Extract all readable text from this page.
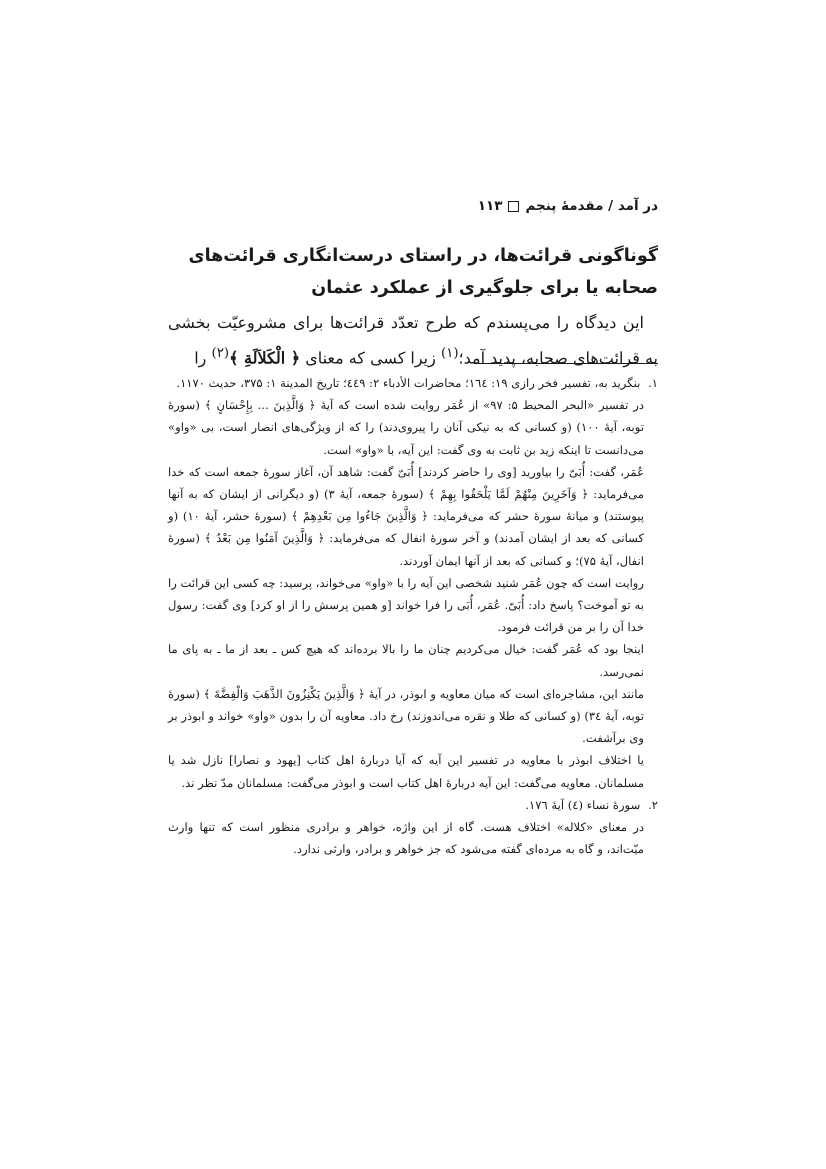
در آمد / مقدمهٔ پنجم
۱۱۳
گوناگونی قرائت‌ها، در راستای درست‌انگاری قرائت‌های صحابه یا برای جلوگیری از عملکرد عثمان

این دیدگاه را می‌پسندم که طرح تعدّد قرائت‌ها برای مشروعیّت بخشی به قرائت‌های صحابه، پدید آمد؛$^{(۱)}$ زیرا کسی که معنای ﴿ الْكَلاَلَةِ ﴾$^{(۲)}$ را

۱. بنگرید به، تفسیر فخر رازی ۱۹: ۱٦٤؛ محاضرات الأدباء ۲: ٤٤۹؛ تاریخ المدینة ۱: ۳۷۵، حدیث ۱۱۷۰.

در تفسیر «البحر المحیط ۵: ۹۷» از عُمَر روایت شده است که آیهٔ ﴿ وَالَّذِينَ ... بِإِحْسَانٍ ﴾ (سورهٔ توبه، آیهٔ ۱۰۰) (و کسانی که به نیکی آنان را پیروی‌دند) را که از ویژگی‌های انصار است، بی «واو» می‌دانست تا اینکه زید بن ثابت به وی گفت: این آیه، با «واو» است.

عُمَر، گفت: أُبَیّ را بیاورید [وی را حاضر کردند] أُبَیّ گفت: شاهد آن، آغاز سورهٔ جمعه است که خدا می‌فرماید: ﴿ وَآخَرِينَ مِنْهُمْ لَمَّا يَلْحَقُوا بِهِمْ ﴾ (سورهٔ جمعه، آیهٔ ۳) (و دیگرانی از ایشان که به آنها پیوستند) و میانهٔ سورهٔ حشر که می‌فرماید: ﴿ وَالَّذِينَ جَاءُوا مِن بَعْدِهِمْ ﴾ (سورهٔ حشر، آیهٔ ۱۰) (و کسانی که بعد از ایشان آمدند) و آخر سورهٔ انفال که می‌فرماید: ﴿ وَالَّذِينَ آمَنُوا مِن بَعْدُ ﴾ (سورهٔ انفال، آیهٔ ۷۵)؛ و کسانی که بعد از آنها ایمان آوردند.

روایت است که چون عُمَر شنید شخصی این آیه را با «واو» می‌خواند، پرسید: چه کسی این قرائت را به تو آموخت؟ پاسخ داد: أُبَیّ. عُمَر، أُبَی را فرا خواند [و همین پرسش را از او کرد] وی گفت: رسول خدا آن را بر من قرائت فرمود.

اینجا بود که عُمَر گفت: خیال می‌کردیم چنان ما را بالا برده‌اند که هیچ کس ـ بعد از ما ـ به پای ما نمی‌رسد.

مانند این، مشاجره‌ای است که میان معاویه و ابوذر، در آیهٔ ﴿ وَالَّذِينَ يَكْنِزُونَ الذَّهَبَ وَالْفِضَّةَ ﴾ (سورهٔ توبه، آیهٔ ۳٤) (و کسانی که طلا و نقره می‌اندوزند) رخ داد. معاویه آن را بدون «واو» خواند و ابوذر بر وی برآشفت.

یا اختلاف ابوذر با معاویه در تفسیر این آیه که آیا دربارهٔ اهل کتاب [یهود و نصارا] نازل شد یا مسلمانان. معاویه می‌گفت: این آیه دربارهٔ اهل کتاب است و ابوذر می‌گفت: مسلمانان مدّ نظر ند.

۲. سورهٔ نساء (٤) آیهٔ ۱۷٦.

در معنای «کلاله» اختلاف هست. گاه از این واژه، خواهر و برادری منظور است که تنها وارث میّت‌اند، و گاه به مرده‌ای گفته می‌شود که جز خواهر و برادر، وارثی ندارد.
